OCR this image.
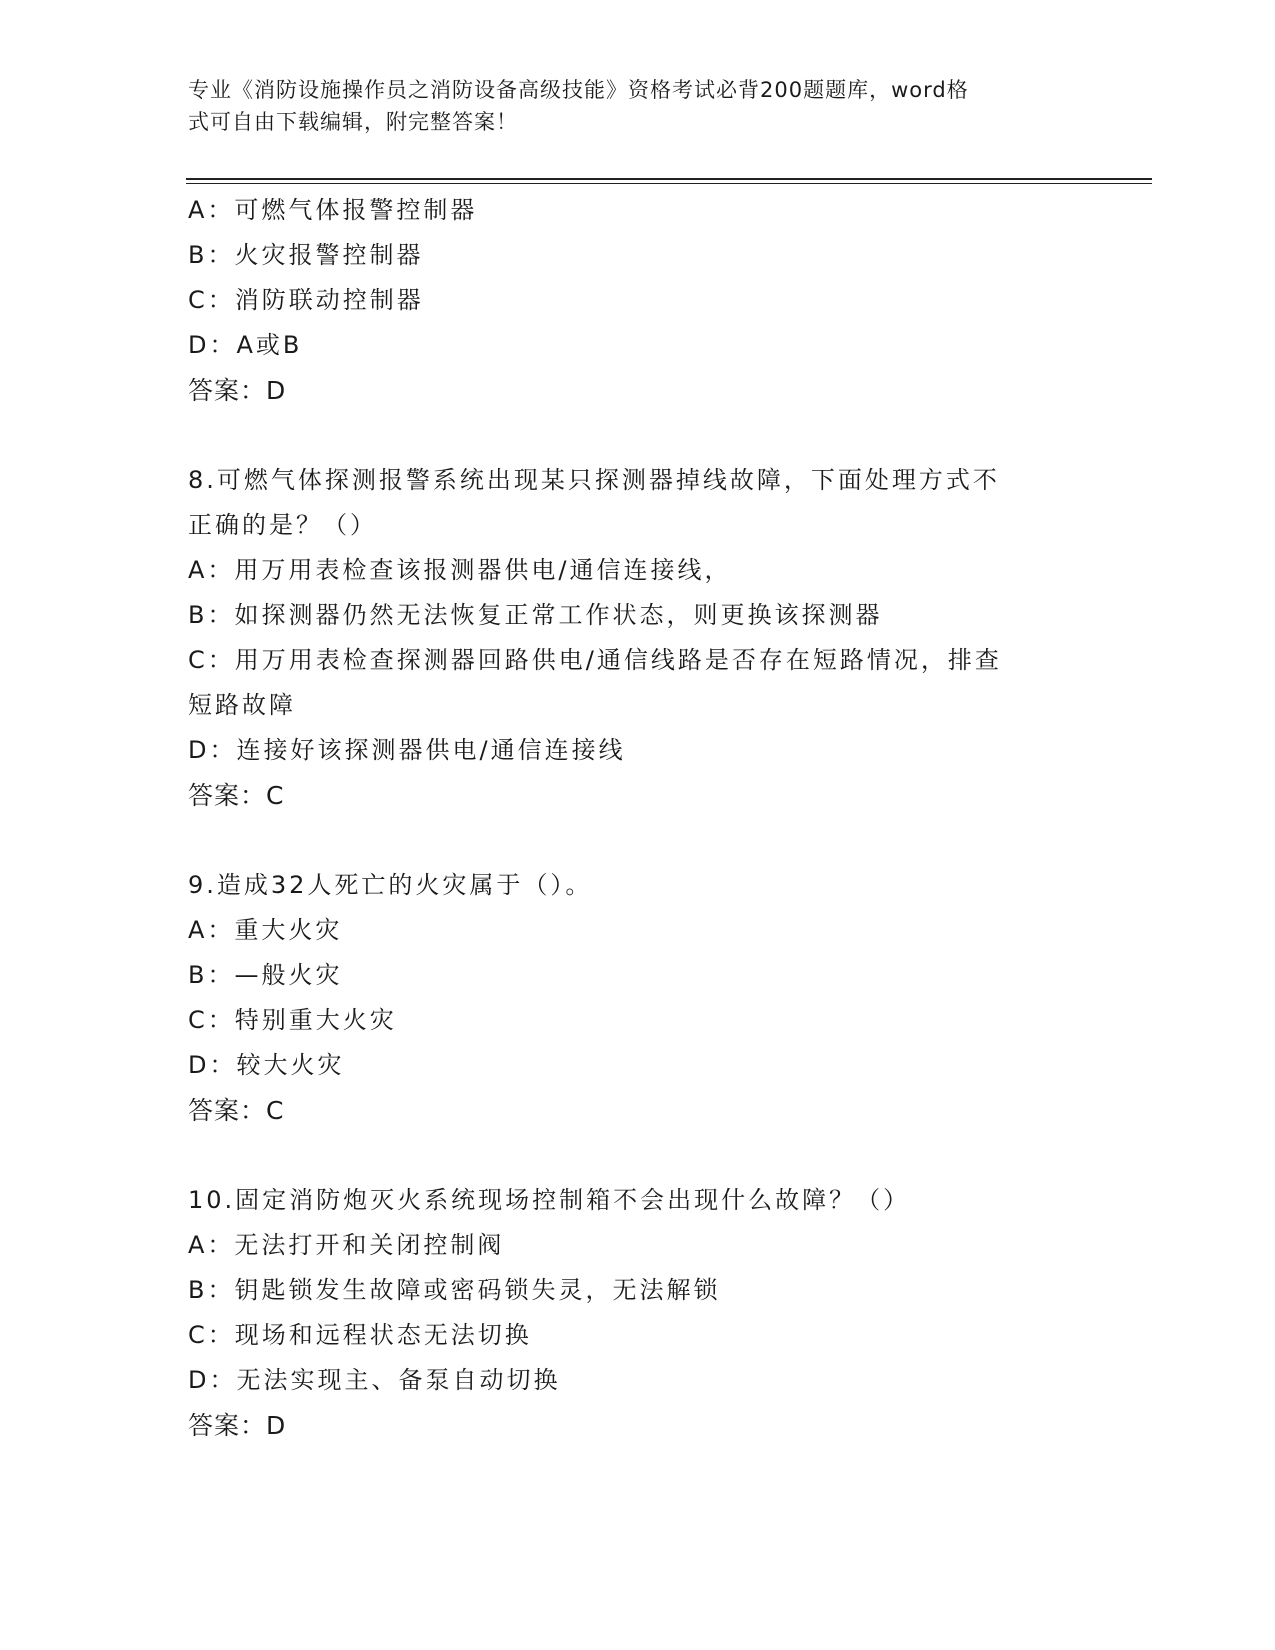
专业《消防设施操作员之消防设备高级技能》资格考试必背200题题库，word格
式可自由下载编辑，附完整答案！
A：可燃气体报警控制器
B：火灾报警控制器
C：消防联动控制器
D：A或B
答案：D
8.可燃气体探测报警系统出现某只探测器掉线故障，下面处理方式不
正确的是？（）
A：用万用表检查该报测器供电/通信连接线，
B：如探测器仍然无法恢复正常工作状态，则更换该探测器
C：用万用表检查探测器回路供电/通信线路是否存在短路情况，排查
短路故障
D：连接好该探测器供电/通信连接线
答案：C
9.造成32人死亡的火灾属于（）。
A：重大火灾
B：—般火灾
C：特别重大火灾
D：较大火灾
答案：C
10.固定消防炮灭火系统现场控制箱不会出现什么故障？（）
A：无法打开和关闭控制阀
B：钥匙锁发生故障或密码锁失灵，无法解锁
C：现场和远程状态无法切换
D：无法实现主、备泵自动切换
答案：D
